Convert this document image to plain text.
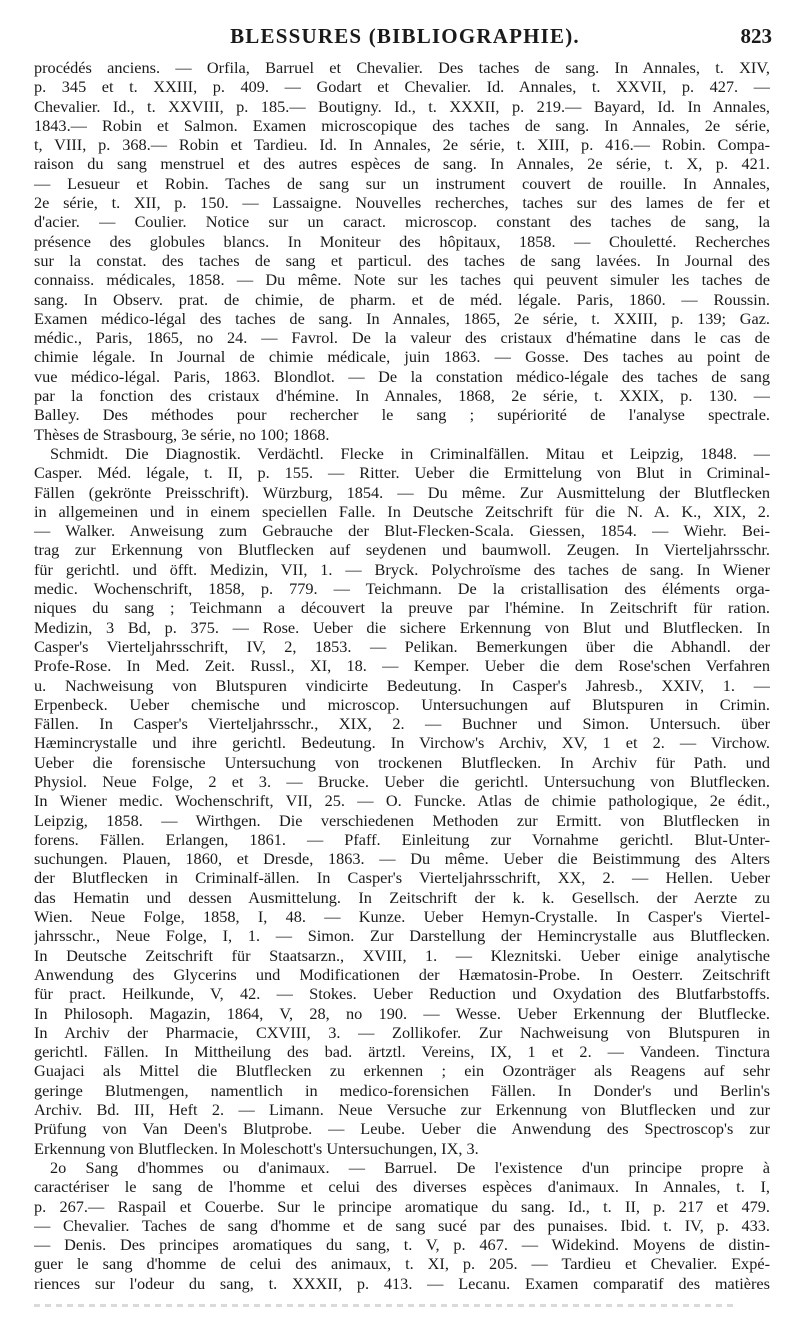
BLESSURES (BIBLIOGRAPHIE).	823
procédés anciens. — Orfila, Barruel et Chevalier. Des taches de sang. In Annales, t. XIV,
p. 345 et t. XXIII, p. 409. — Godart et Chevalier. Id. Annales, t. XXVII, p. 427. —
Chevalier. Id., t. XXVIII, p. 185.— Boutigny. Id., t. XXXII, p. 219.— Bayard, Id. In Annales,
1843.— Robin et Salmon. Examen microscopique des taches de sang. In Annales, 2e série,
t, VIII, p. 368.— Robin et Tardieu. Id. In Annales, 2e série, t. XIII, p. 416.— Robin. Compa-
raison du sang menstruel et des autres espèces de sang. In Annales, 2e série, t. X, p. 421.
— Lesueur et Robin. Taches de sang sur un instrument couvert de rouille. In Annales,
2e série, t. XII, p. 150. — Lassaigne. Nouvelles recherches, taches sur des lames de fer et
d'acier. — Coulier. Notice sur un caract. microscop. constant des taches de sang, la
présence des globules blancs. In Moniteur des hôpitaux, 1858. — Chouletté. Recherches
sur la constat. des taches de sang et particul. des taches de sang lavées. In Journal des
connaiss. médicales, 1858. — Du même. Note sur les taches qui peuvent simuler les taches de
sang. In Observ. prat. de chimie, de pharm. et de méd. légale. Paris, 1860. — Roussin.
Examen médico-légal des taches de sang. In Annales, 1865, 2e série, t. XXIII, p. 139; Gaz.
médic., Paris, 1865, no 24. — Favrol. De la valeur des cristaux d'hématine dans le cas de
chimie légale. In Journal de chimie médicale, juin 1863. — Gosse. Des taches au point de
vue médico-légal. Paris, 1863. Blondlot. — De la constation médico-légale des taches de sang
par la fonction des cristaux d'hémine. In Annales, 1868, 2e série, t. XXIX, p. 130. —
Balley. Des méthodes pour rechercher le sang ; supériorité de l'analyse spectrale.
Thèses de Strasbourg, 3e série, no 100; 1868.
Schmidt. Die Diagnostik. Verdächtl. Flecke in Criminalfällen. Mitau et Leipzig, 1848. —
Casper. Méd. légale, t. II, p. 155. — Ritter. Ueber die Ermittelung von Blut in Criminal-
Fällen (gekrönte Preisschrift). Würzburg, 1854. — Du même. Zur Ausmittelung der Blutflecken
in allgemeinen und in einem speciellen Falle. In Deutsche Zeitschrift für die N. A. K., XIX, 2.
— Walker. Anweisung zum Gebrauche der Blut-Flecken-Scala. Giessen, 1854. — Wiehr. Bei-
trag zur Erkennung von Blutflecken auf seydenen und baumwoll. Zeugen. In Vierteljahrsschr.
für gerichtl. und öfft. Medizin, VII, 1. — Bryck. Polychroïsme des taches de sang. In Wiener
medic. Wochenschrift, 1858, p. 779. — Teichmann. De la cristallisation des éléments orga-
niques du sang ; Teichmann a découvert la preuve par l'hémine. In Zeitschrift für ration.
Medizin, 3 Bd, p. 375. — Rose. Ueber die sichere Erkennung von Blut und Blutflecken. In
Casper's Vierteljahrsschrift, IV, 2, 1853. — Pelikan. Bemerkungen über die Abhandl. der
Profe-Rose. In Med. Zeit. Russl., XI, 18. — Kemper. Ueber die dem Rose'schen Verfahren
u. Nachweisung von Blutspuren vindicirte Bedeutung. In Casper's Jahresb., XXIV, 1. —
Erpenbeck. Ueber chemische und microscop. Untersuchungen auf Blutspuren in Crimin.
Fällen. In Casper's Vierteljahrsschr., XIX, 2. — Buchner und Simon. Untersuch. über
Hæmincrystalle und ihre gerichtl. Bedeutung. In Virchow's Archiv, XV, 1 et 2. — Virchow.
Ueber die forensische Untersuchung von trockenen Blutflecken. In Archiv für Path. und
Physiol. Neue Folge, 2 et 3. — Brucke. Ueber die gerichtl. Untersuchung von Blutflecken.
In Wiener medic. Wochenschrift, VII, 25. — O. Funcke. Atlas de chimie pathologique, 2e édit.,
Leipzig, 1858. — Wirthgen. Die verschiedenen Methoden zur Ermitt. von Blutflecken in
forens. Fällen. Erlangen, 1861. — Pfaff. Einleitung zur Vornahme gerichtl. Blut-Unter-
suchungen. Plauen, 1860, et Dresde, 1863. — Du même. Ueber die Beistimmung des Alters
der Blutflecken in Criminalf-ällen. In Casper's Vierteljahrsschrift, XX, 2. — Hellen. Ueber
das Hematin und dessen Ausmittelung. In Zeitschrift der k. k. Gesellsch. der Aerzte zu
Wien. Neue Folge, 1858, I, 48. — Kunze. Ueber Hemyn-Crystalle. In Casper's Viertel-
jahrsschr., Neue Folge, I, 1. — Simon. Zur Darstellung der Hemincrystalle aus Blutflecken.
In Deutsche Zeitschrift für Staatsarzn., XVIII, 1. — Kleznitski. Ueber einige analytische
Anwendung des Glycerins und Modificationen der Hæmatosin-Probe. In Oesterr. Zeitschrift
für pract. Heilkunde, V, 42. — Stokes. Ueber Reduction und Oxydation des Blutfarbstoffs.
In Philosoph. Magazin, 1864, V, 28, no 190. — Wesse. Ueber Erkennung der Blutflecke.
In Archiv der Pharmacie, CXVIII, 3. — Zollikofer. Zur Nachweisung von Blutspuren in
gerichtl. Fällen. In Mittheilung des bad. ärtztl. Vereins, IX, 1 et 2. — Vandeen. Tinctura
Guajaci als Mittel die Blutflecken zu erkennen ; ein Ozonträger als Reagens auf sehr
geringe Blutmengen, namentlich in medico-forensichen Fällen. In Donder's und Berlin's
Archiv. Bd. III, Heft 2. — Limann. Neue Versuche zur Erkennung von Blutflecken und zur
Prüfung von Van Deen's Blutprobe. — Leube. Ueber die Anwendung des Spectroscop's zur
Erkennung von Blutflecken. In Moleschott's Untersuchungen, IX, 3.
2o Sang d'hommes ou d'animaux. — Barruel. De l'existence d'un principe propre à
caractériser le sang de l'homme et celui des diverses espèces d'animaux. In Annales, t. I,
p. 267.— Raspail et Couerbe. Sur le principe aromatique du sang. Id., t. II, p. 217 et 479.
— Chevalier. Taches de sang d'homme et de sang sucé par des punaises. Ibid. t. IV, p. 433.
— Denis. Des principes aromatiques du sang, t. V, p. 467. — Widekind. Moyens de distin-
guer le sang d'homme de celui des animaux, t. XI, p. 205. — Tardieu et Chevalier. Expé-
riences sur l'odeur du sang, t. XXXII, p. 413. — Lecanu. Examen comparatif des matières
